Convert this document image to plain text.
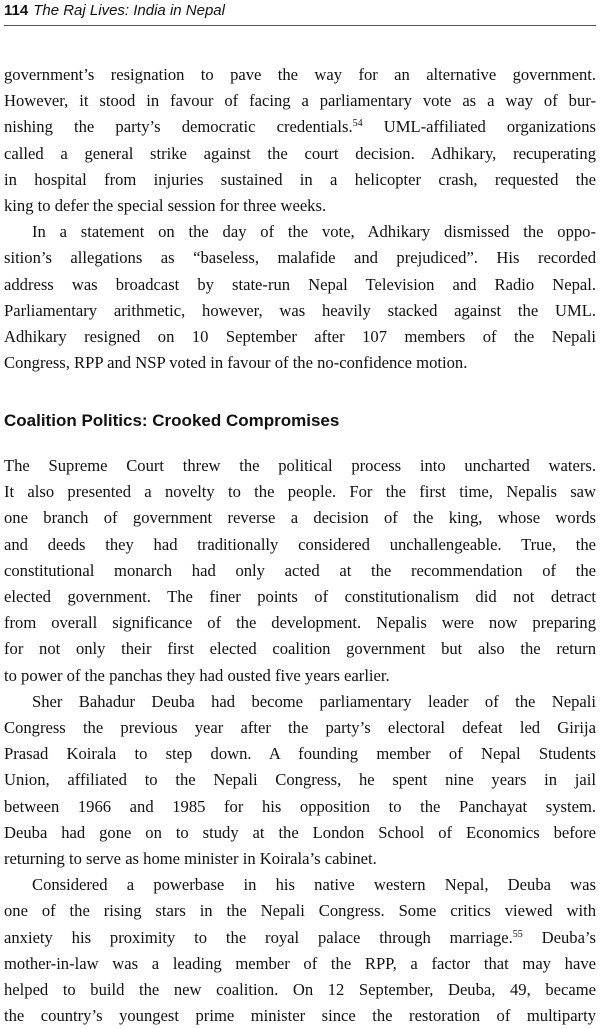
114 The Raj Lives: India in Nepal

government’s resignation to pave the way for an alternative government.
However, it stood in favour of facing a parliamentary vote as a way of bur-
nishing the party’s democratic credentials.$^{54}$ UML-affiliated organizations
called a general strike against the court decision. Adhikary, recuperating
in hospital from injuries sustained in a helicopter crash, requested the
king to defer the special session for three weeks.

In a statement on the day of the vote, Adhikary dismissed the oppo-
sition’s allegations as “baseless, malafide and prejudiced”. His recorded
address was broadcast by state-run Nepal Television and Radio Nepal.
Parliamentary arithmetic, however, was heavily stacked against the UML.
Adhikary resigned on 10 September after 107 members of the Nepali
Congress, RPP and NSP voted in favour of the no-confidence motion.

Coalition Politics: Crooked Compromises

The Supreme Court threw the political process into uncharted waters.
It also presented a novelty to the people. For the first time, Nepalis saw
one branch of government reverse a decision of the king, whose words
and deeds they had traditionally considered unchallengeable. True, the
constitutional monarch had only acted at the recommendation of the
elected government. The finer points of constitutionalism did not detract
from overall significance of the development. Nepalis were now preparing
for not only their first elected coalition government but also the return
to power of the panchas they had ousted five years earlier.

Sher Bahadur Deuba had become parliamentary leader of the Nepali
Congress the previous year after the party’s electoral defeat led Girija
Prasad Koirala to step down. A founding member of Nepal Students
Union, affiliated to the Nepali Congress, he spent nine years in jail
between 1966 and 1985 for his opposition to the Panchayat system.
Deuba had gone on to study at the London School of Economics before
returning to serve as home minister in Koirala’s cabinet.

Considered a powerbase in his native western Nepal, Deuba was
one of the rising stars in the Nepali Congress. Some critics viewed with
anxiety his proximity to the royal palace through marriage.$^{55}$ Deuba’s
mother-in-law was a leading member of the RPP, a factor that may have
helped to build the new coalition. On 12 September, Deuba, 49, became
the country’s youngest prime minister since the restoration of multiparty
